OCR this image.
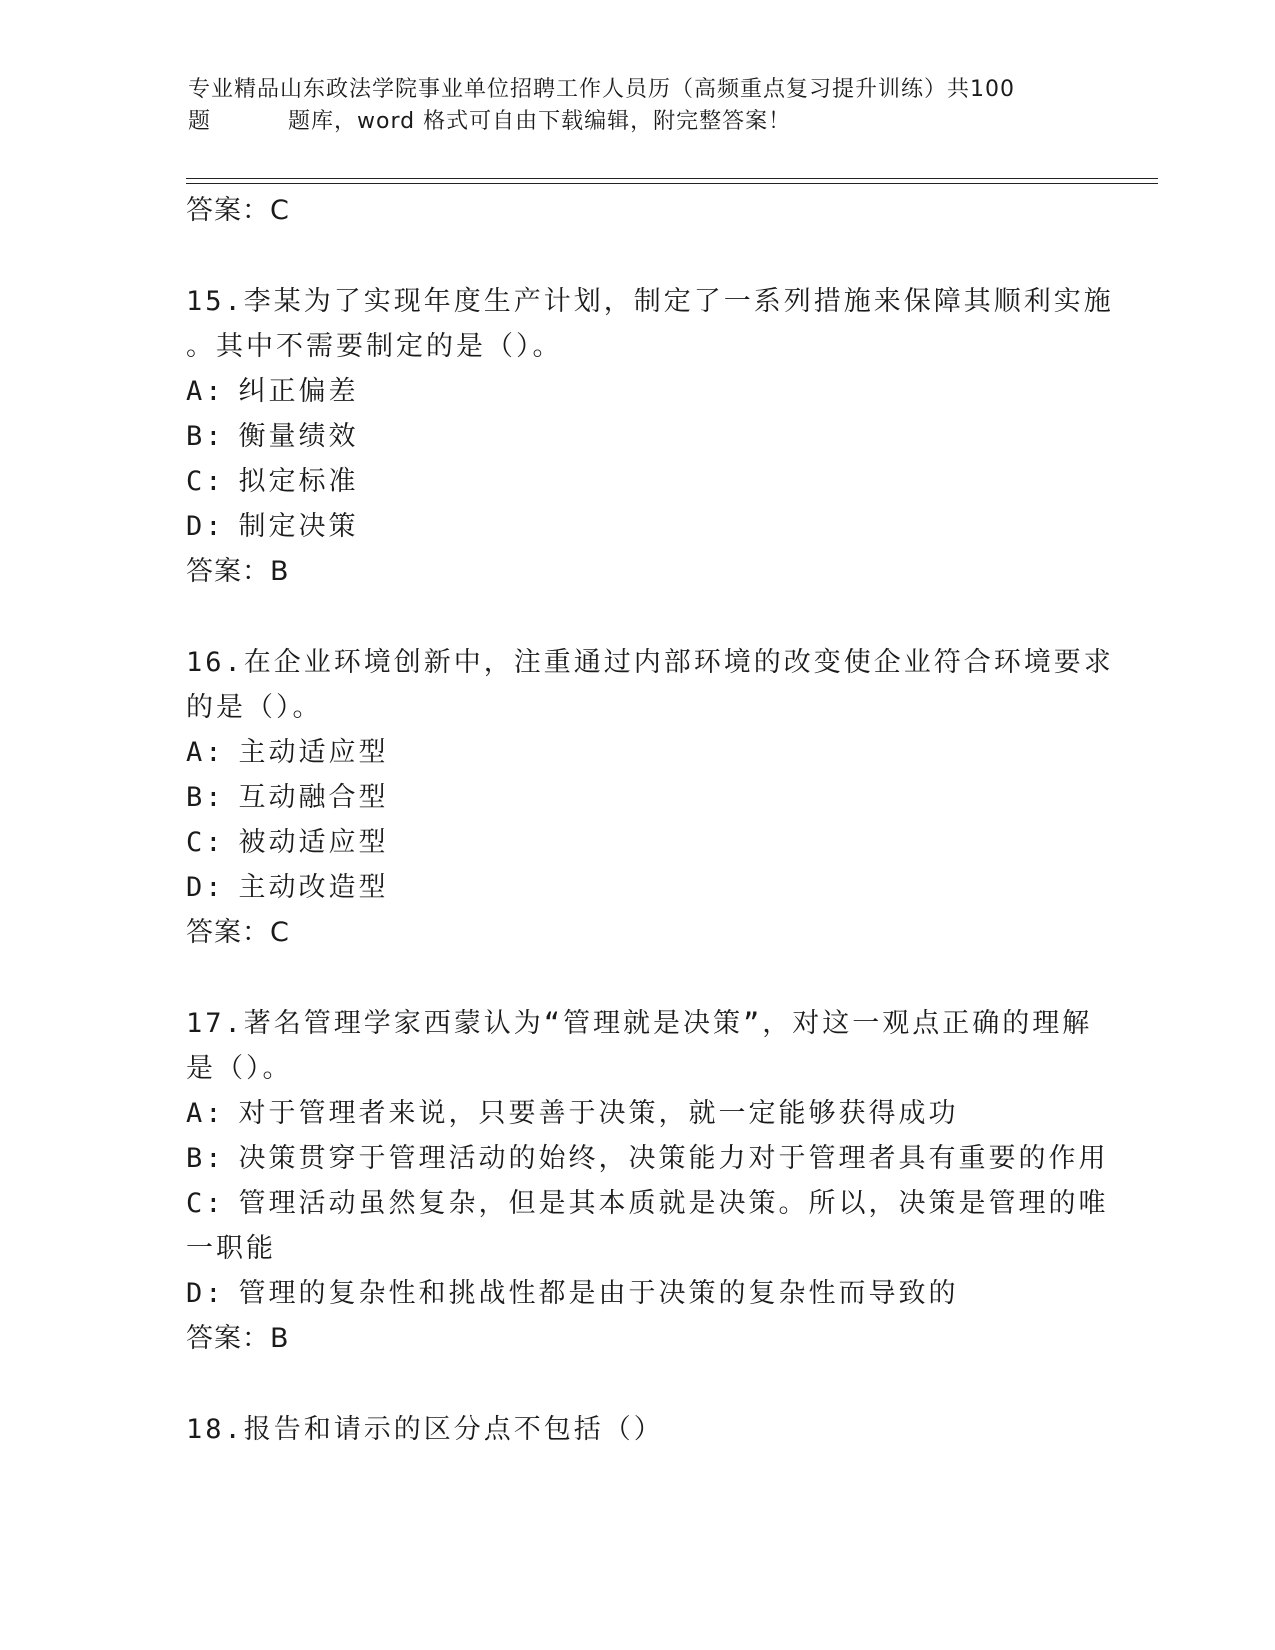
专业精品山东政法学院事业单位招聘工作人员历（高频重点复习提升训练）共100
题	题库，word 格式可自由下载编辑，附完整答案！
答案：C
15.李某为了实现年度生产计划，制定了一系列措施来保障其顺利实施
。其中不需要制定的是（）。
A: 纠正偏差
B: 衡量绩效
C: 拟定标准
D: 制定决策
答案：B
16.在企业环境创新中，注重通过内部环境的改变使企业符合环境要求
的是（）。
A: 主动适应型
B: 互动融合型
C: 被动适应型
D: 主动改造型
答案：C
17.著名管理学家西蒙认为“管理就是决策”，对这一观点正确的理解
是（）。
A: 对于管理者来说，只要善于决策，就一定能够获得成功
B: 决策贯穿于管理活动的始终，决策能力对于管理者具有重要的作用
C: 管理活动虽然复杂，但是其本质就是决策。所以，决策是管理的唯
一职能
D: 管理的复杂性和挑战性都是由于决策的复杂性而导致的
答案：B
18.报告和请示的区分点不包括（）
